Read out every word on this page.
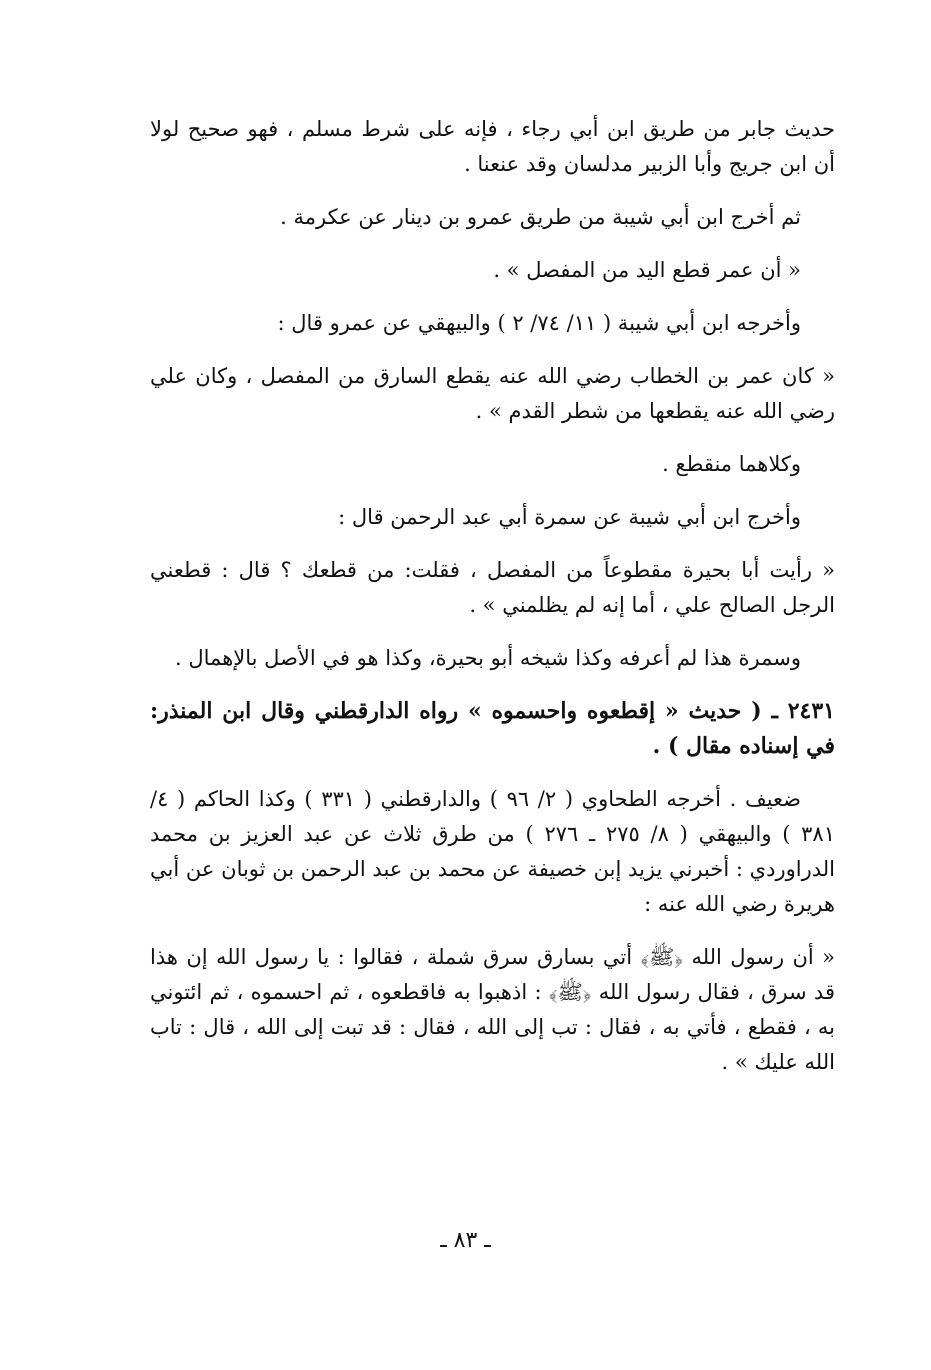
حديث جابر من طريق ابن أبي رجاء ، فإنه على شرط مسلم ، فهو صحيح لولا أن ابن جريج وأبا الزبير مدلسان وقد عنعنا .

ثم أخرج ابن أبي شيبة من طريق عمرو بن دينار عن عكرمة .

« أن عمر قطع اليد من المفصل » .

وأخرجه ابن أبي شيبة ( ١١/ ٧٤/ ٢ ) والبيهقي عن عمرو قال :

« كان عمر بن الخطاب رضي الله عنه يقطع السارق من المفصل ، وكان علي رضي الله عنه يقطعها من شطر القدم » .

وكلاهما منقطع .

وأخرج ابن أبي شيبة عن سمرة أبي عبد الرحمن قال :

« رأيت أبا بحيرة مقطوعاً من المفصل ، فقلت: من قطعك ؟ قال : قطعني الرجل الصالح علي ، أما إنه لم يظلمني » .

وسمرة هذا لم أعرفه وكذا شيخه أبو بحيرة، وكذا هو في الأصل بالإهمال .

٢٤٣١ ـ ( حديث « إقطعوه واحسموه » رواه الدارقطني وقال ابن المنذر: في إسناده مقال ) .

ضعيف . أخرجه الطحاوي ( ٢/ ٩٦ ) والدارقطني ( ٣٣١ ) وكذا الحاكم ( ٤/ ٣٨١ ) والبيهقي ( ٨/ ٢٧٥ ـ ٢٧٦ ) من طرق ثلاث عن عبد العزيز بن محمد الدراوردي : أخبرني يزيد إبن خصيفة عن محمد بن عبد الرحمن بن ثوبان عن أبي هريرة رضي الله عنه :

« أن رسول الله ﴿ﷺ﴾ أتي بسارق سرق شملة ، فقالوا : يا رسول الله إن هذا قد سرق ، فقال رسول الله ﴿ﷺ﴾ : اذهبوا به فاقطعوه ، ثم احسموه ، ثم ائتوني به ، فقطع ، فأتي به ، فقال : تب إلى الله ، فقال : قد تبت إلى الله ، قال : تاب الله عليك » .

ـ ٨٣ ـ
